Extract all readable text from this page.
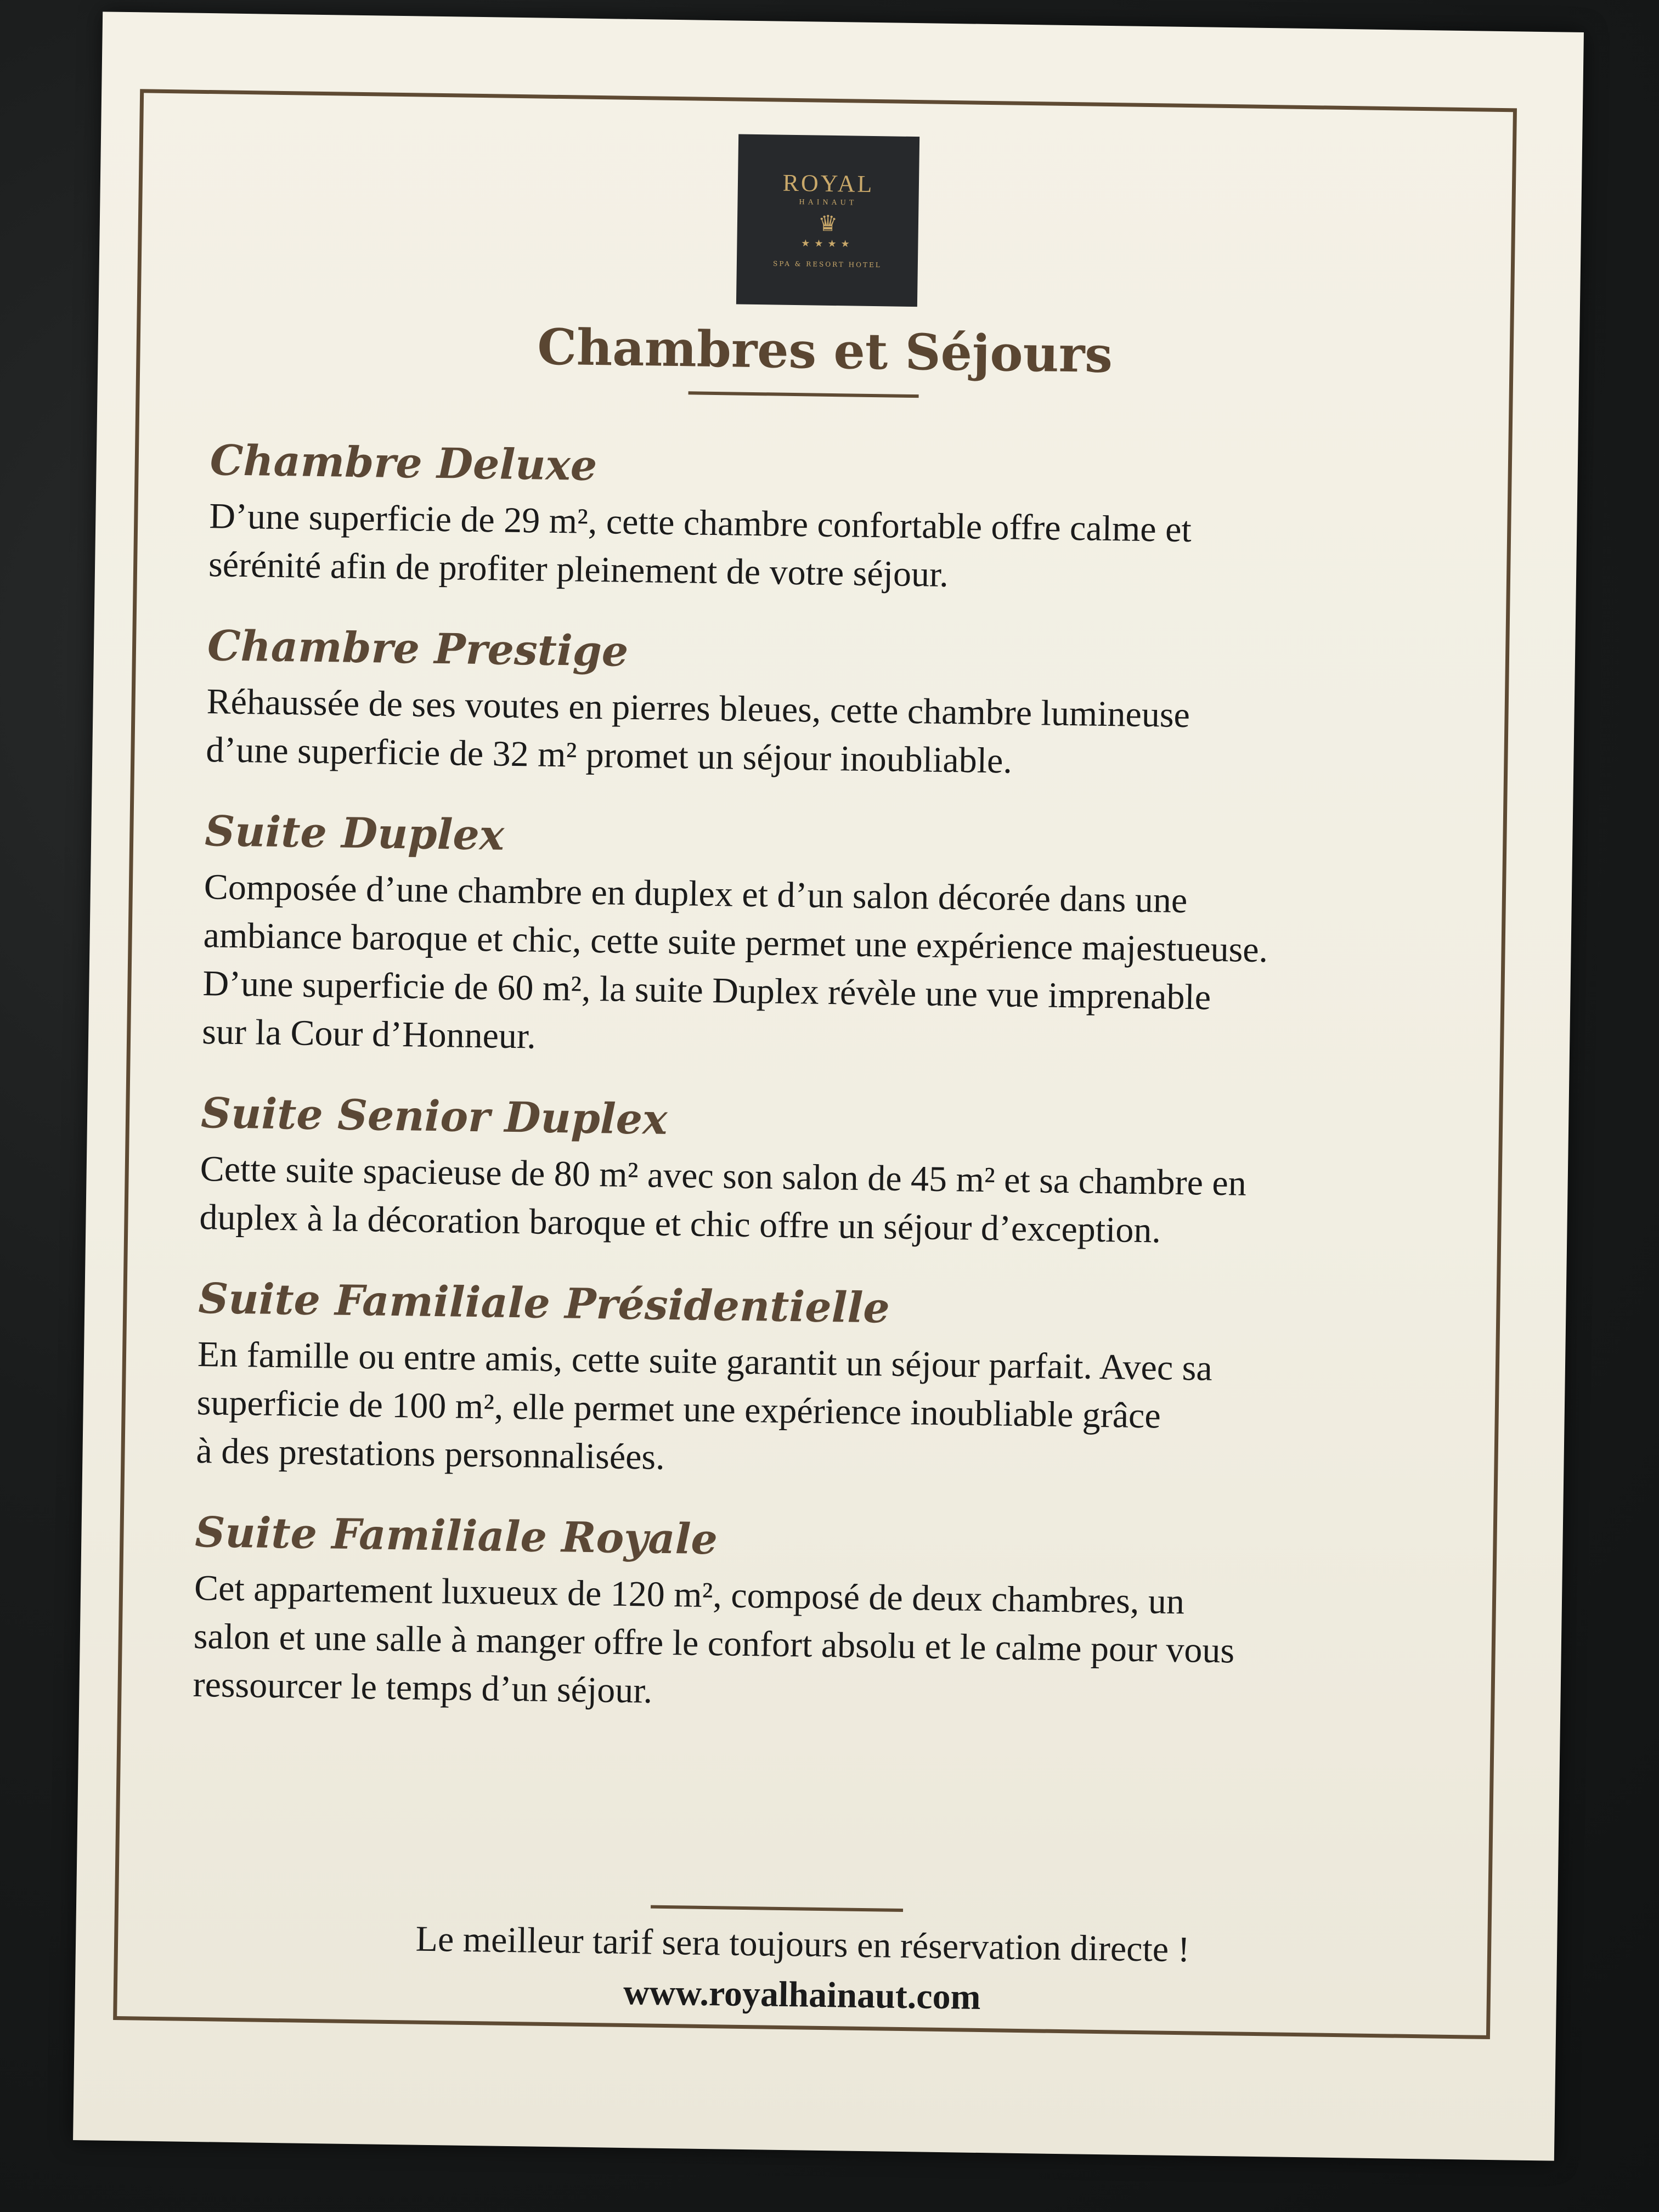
ROYAL
HAINAUT
♛
★★★★
SPA & RESORT HOTEL
Chambres et Séjours

Chambre Deluxe

D’une superficie de 29 m², cette chambre confortable offre calme et
sérénité afin de profiter pleinement de votre séjour.

Chambre Prestige

Réhaussée de ses voutes en pierres bleues, cette chambre lumineuse
d’une superficie de 32 m² promet un séjour inoubliable.

Suite Duplex

Composée d’une chambre en duplex et d’un salon décorée dans une
ambiance baroque et chic, cette suite permet une expérience majestueuse.
D’une superficie de 60 m², la suite Duplex révèle une vue imprenable
sur la Cour d’Honneur.

Suite Senior Duplex

Cette suite spacieuse de 80 m² avec son salon de 45 m² et sa chambre en
duplex à la décoration baroque et chic offre un séjour d’exception.

Suite Familiale Présidentielle

En famille ou entre amis, cette suite garantit un séjour parfait. Avec sa
superficie de 100 m², elle permet une expérience inoubliable grâce
à des prestations personnalisées.

Suite Familiale Royale

Cet appartement luxueux de 120 m², composé de deux chambres, un
salon et une salle à manger offre le confort absolu et le calme pour vous
ressourcer le temps d’un séjour.

Le meilleur tarif sera toujours en réservation directe !

www.royalhainaut.com
